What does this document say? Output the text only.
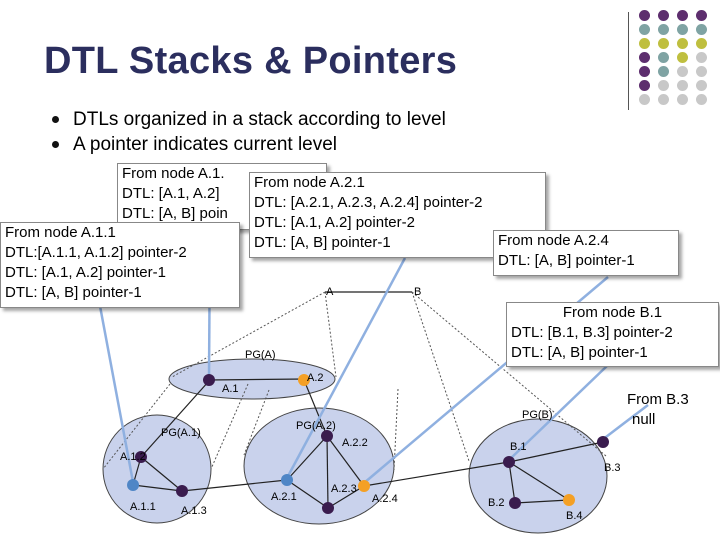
DTL Stacks & Pointers
DTLs organized in a stack according to level
A pointer indicates current level
A	B
PG(A)
A.1
A.2
PG(A.1)
PG(A.2)
PG(B)
A.1.2
A.1.1 A.1.3
A.2.2
A.2.1
A.2.3
A.2.4
B.1
B.2
B.3
B.4
From node A.1.
DTL: [A.1, A.2]
DTL: [A, B] poin
From node A.1.1
DTL:[A.1.1, A.1.2] pointer-2
DTL: [A.1, A.2] pointer-1
DTL: [A, B] pointer-1
From node A.2.1
DTL: [A.2.1, A.2.3, A.2.4] pointer-2
DTL: [A.1, A.2] pointer-2
DTL: [A, B] pointer-1	From node A.2.4
DTL: [A, B] pointer-1
From node B.1
DTL: [B.1, B.3] pointer-2
DTL: [A, B] pointer-1
From B.3
null
